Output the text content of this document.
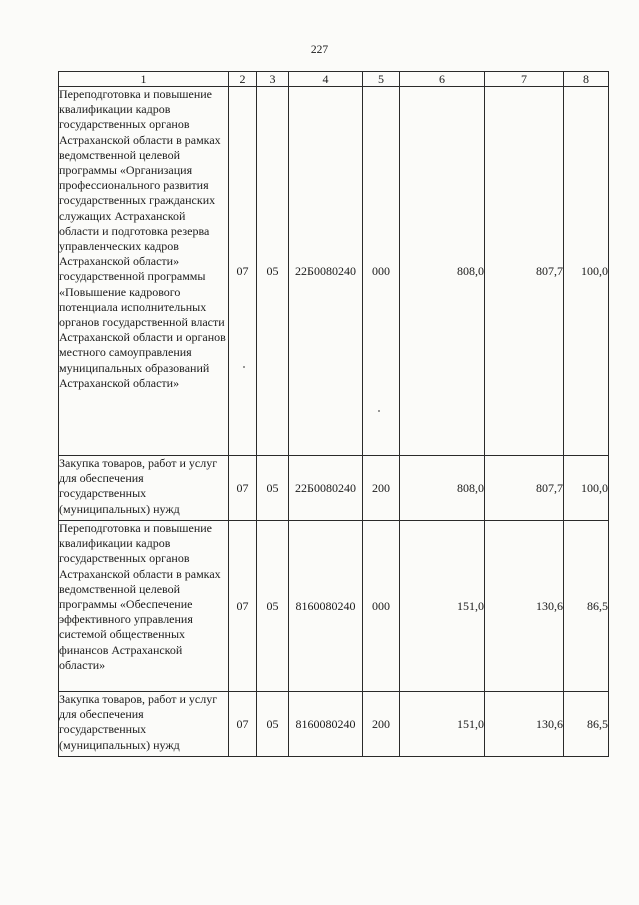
227
1	2	3	4	5	6	7	8
Переподготовка и повышение квалификации кадров государственных органов Астраханской области в рамках ведомственной целевой программы «Организация профессионального развития государственных гражданских служащих Астраханской области и подготовка резерва управленческих кадров Астраханской области» государственной программы «Повышение кадрового потенциала исполнительных органов государственной власти Астраханской области и органов местного самоуправления муниципальных образований Астраханской области»	07	05	22Б0080240	000	808,0	807,7	100,0
Закупка товаров, работ и услуг для обеспечения государственных (муниципальных) нужд	07	05	22Б0080240	200	808,0	807,7	100,0
Переподготовка и повышение квалификации кадров государственных органов Астраханской области в рамках ведомственной целевой программы «Обеспечение эффективного управления системой общественных финансов Астраханской области»	07	05	8160080240	000	151,0	130,6	86,5
Закупка товаров, работ и услуг для обеспечения государственных (муниципальных) нужд	07	05	8160080240	200	151,0	130,6	86,5
